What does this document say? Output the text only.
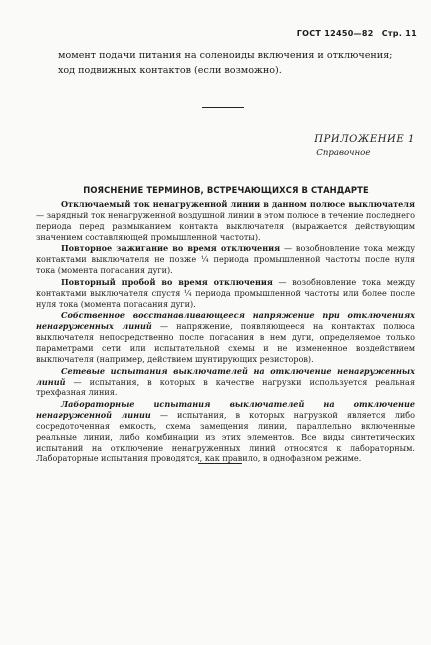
ГОСТ 12450—82 Стр. 11

момент подачи питания на соленоиды включения и отключения;

ход подвижных контактов (если возможно).

ПРИЛОЖЕНИЕ 1
Справочное
ПОЯСНЕНИЕ ТЕРМИНОВ, ВСТРЕЧАЮЩИХСЯ В СТАНДАРТЕ

Отключаемый ток ненагруженной линии в данном полюсе выключателя — зарядный ток ненагруженной воздушной линии в этом полюсе в течение последнего периода перед размыканием контакта выключателя (выражается действующим значением составляющей промышленной частоты).

Повторное зажигание во время отключения — возобновление тока между контактами выключателя не позже ¼ периода промышленной частоты после нуля тока (момента погасания дуги).

Повторный пробой во время отключения — возобновление тока между контактами выключателя спустя ¼ периода промышленной частоты или более после нуля тока (момента погасания дуги).

Собственное восстанавливающееся напряжение при отключениях ненагруженных линий — напряжение, появляющееся на контактах полюса выключателя непосредственно после погасания в нем дуги, определяемое только параметрами сети или испытательной схемы и не измененное воздействием выключателя (например, действием шунтирующих резисторов).

Сетевые испытания выключателей на отключение ненагруженных линий — испытания, в которых в качестве нагрузки используется реальная трехфазная линия.

Лабораторные испытания выключателей на отключение ненагруженной линии — испытания, в которых нагрузкой является либо сосредоточенная емкость, схема замещения линии, параллельно включенные реальные линии, либо комбинации из этих элементов. Все виды синтетических испытаний на отключение ненагруженных линий относятся к лабораторным. Лабораторные испытания проводятся, как правило, в однофазном режиме.
